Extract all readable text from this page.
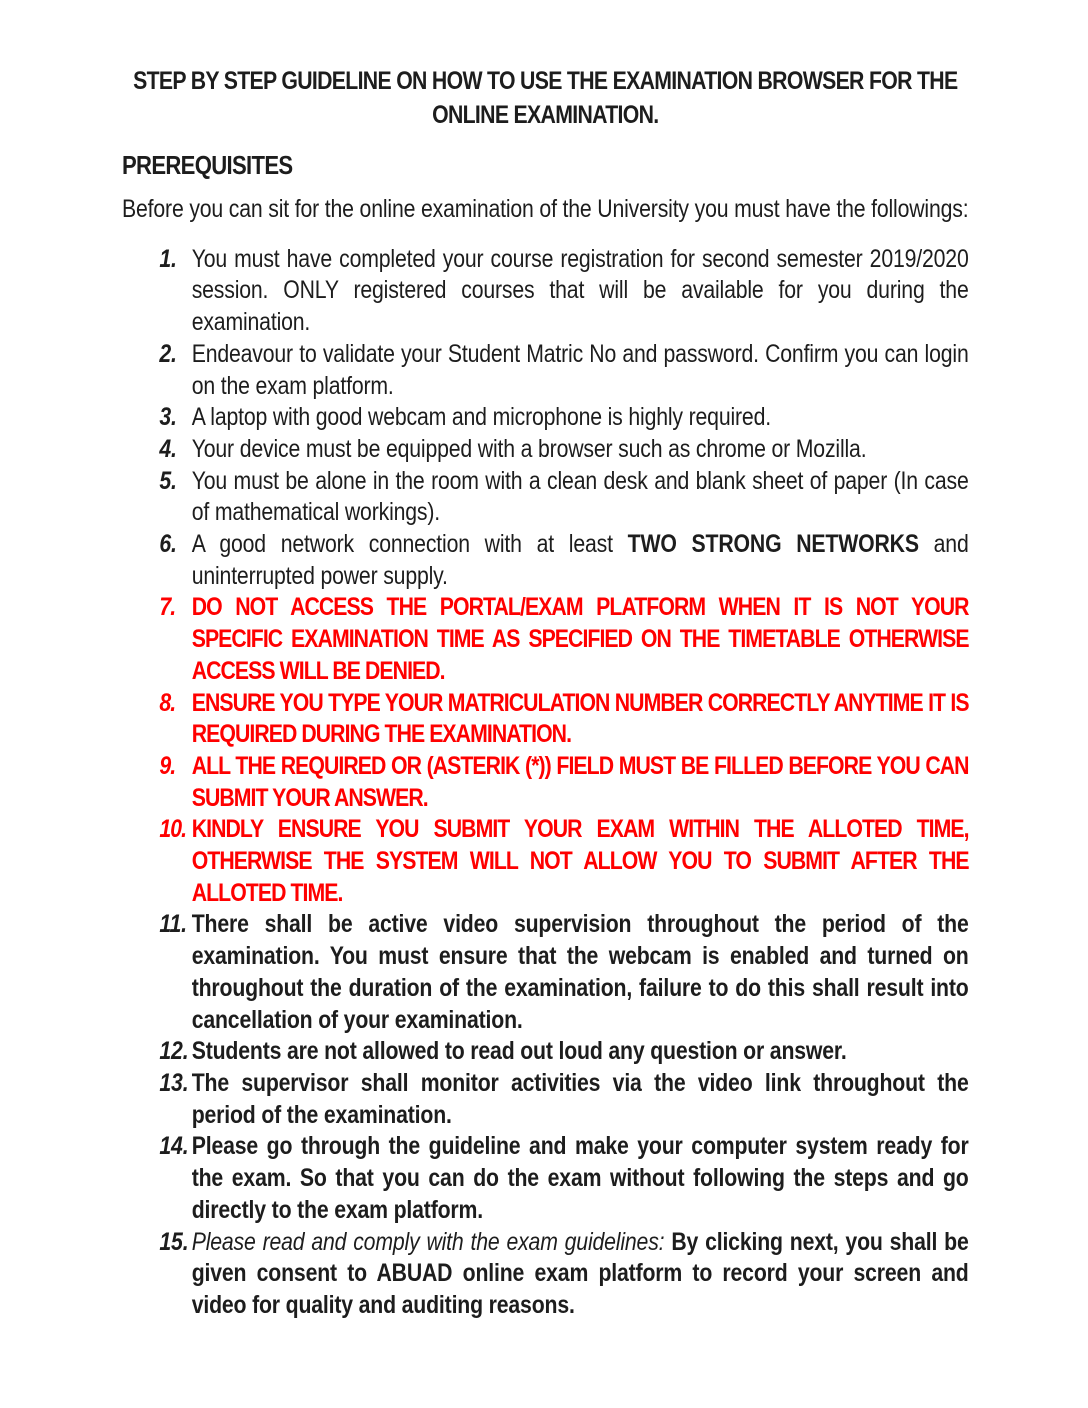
STEP BY STEP GUIDELINE ON HOW TO USE THE EXAMINATION BROWSER FOR THE ONLINE EXAMINATION.

PREREQUISITES

Before you can sit for the online examination of the University you must have the followings:

1. You must have completed your course registration for second semester 2019/2020 session. ONLY registered courses that will be available for you during the examination.
2. Endeavour to validate your Student Matric No and password. Confirm you can login on the exam platform.
3. A laptop with good webcam and microphone is highly required.
4. Your device must be equipped with a browser such as chrome or Mozilla.
5. You must be alone in the room with a clean desk and blank sheet of paper (In case of mathematical workings).
6. A good network connection with at least TWO STRONG NETWORKS and uninterrupted power supply.
7. DO NOT ACCESS THE PORTAL/EXAM PLATFORM WHEN IT IS NOT YOUR SPECIFIC EXAMINATION TIME AS SPECIFIED ON THE TIMETABLE OTHERWISE ACCESS WILL BE DENIED.
8. ENSURE YOU TYPE YOUR MATRICULATION NUMBER CORRECTLY ANYTIME IT IS REQUIRED DURING THE EXAMINATION.
9. ALL THE REQUIRED OR (ASTERIK (*)) FIELD MUST BE FILLED BEFORE YOU CAN SUBMIT YOUR ANSWER.
10. KINDLY ENSURE YOU SUBMIT YOUR EXAM WITHIN THE ALLOTED TIME, OTHERWISE THE SYSTEM WILL NOT ALLOW YOU TO SUBMIT AFTER THE ALLOTED TIME.
11. There shall be active video supervision throughout the period of the examination. You must ensure that the webcam is enabled and turned on throughout the duration of the examination, failure to do this shall result into cancellation of your examination.
12. Students are not allowed to read out loud any question or answer.
13. The supervisor shall monitor activities via the video link throughout the period of the examination.
14. Please go through the guideline and make your computer system ready for the exam. So that you can do the exam without following the steps and go directly to the exam platform.
15. Please read and comply with the exam guidelines: By clicking next, you shall be given consent to ABUAD online exam platform to record your screen and video for quality and auditing reasons.
